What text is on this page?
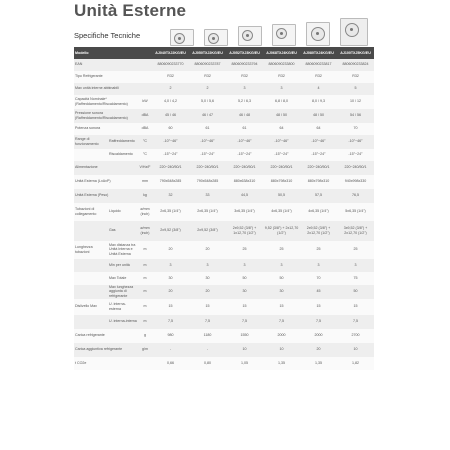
Unità Esterne
Specifiche Tecniche
Modello			AJ040TXJ2KG/EU	AJ050TXJ2KG/EU	AJ052TXJ3KG/EU	AJ068TXJ4KG/EU	AJ080TXJ4KG/EU	AJ100TXJ5KG/EU
EAN			8806090233770	8806090233787	8806090233794	8806090233800	8806090233817	8806090233824
Tipo Refrigerante			R32	R32	R32	R32	R32	R32
Max unità interne abbinabili			2	2	3	3	4	5
Capacità Nominale* (Raffreddamento/Riscaldamento)		kW	4,0 / 4,2	5,0 / 5,6	5,2 / 6,3	6,8 / 8,0	8,0 / 9,3	10 / 12
Pressione sonora (Raffreddamento/Riscaldamento)		dBA	45 / 46	46 / 47	46 / 48	48 / 50	48 / 50	54 / 56
Potenza sonora		dBA	60	61	61	64	64	70
Range di funzionamento	Raffreddamento	°C	-10°~46°	-10°~46°	-10°~46°	-10°~46°	-10°~46°	-10°~46°
	Riscaldamento	°C	-15°~24°	-15°~24°	-15°~24°	-15°~24°	-15°~24°	-15°~24°
Alimentazione		V/Hz/F	220~240/50/1	220~240/50/1	220~240/50/1	220~240/50/1	220~240/50/1	220~240/50/1
Unità Esterna (LxAxP)		mm	790x548x285	790x548x285	880x638x310	880x798x310	880x798x310	940x998x330
Unità Esterna (Peso)		kg	32	33	44,5	50,5	57,5	76,5
Tubazioni di collegamento	Liquido	ø/mm (inch)	2x6,35 (1/4")	2x6,35 (1/4")	3x6,35 (1/4")	4x6,35 (1/4")	4x6,35 (1/4")	5x6,35 (1/4")
	Gas	ø/mm (inch)	2x9,52 (3/8")	2x9,52 (3/8")	2x9,52 (3/8") + 1x12,70 (1/2")	9,52 (3/8") + 2x12,70 (1/2")	2x9,52 (3/8") + 2x12,70 (1/2")	3x9,52 (3/8") + 2x12,70 (1/2")
Lunghezza tubazioni	Max distanza tra Unità Interna e Unità Esterna	m	20	20	25	25	25	25
	Min per unità	m	3	3	3	3	3	3
	Max Totale	m	30	30	50	50	70	75
	Max lunghezza aggiunta di refrigerante	m	20	20	30	30	45	50
Dislivello Max	U. interna-esterna	m	15	15	15	15	15	15
	U. interna-interna	m	7,5	7,5	7,5	7,5	7,5	7,5
Carica refrigerante		g	980	1180	1550	2000	2000	2700
Carica aggiuntiva refrigerante		g/m	-	-	10	10	20	10
t CO2e			0,66	0,80	1,05	1,35	1,35	1,82
